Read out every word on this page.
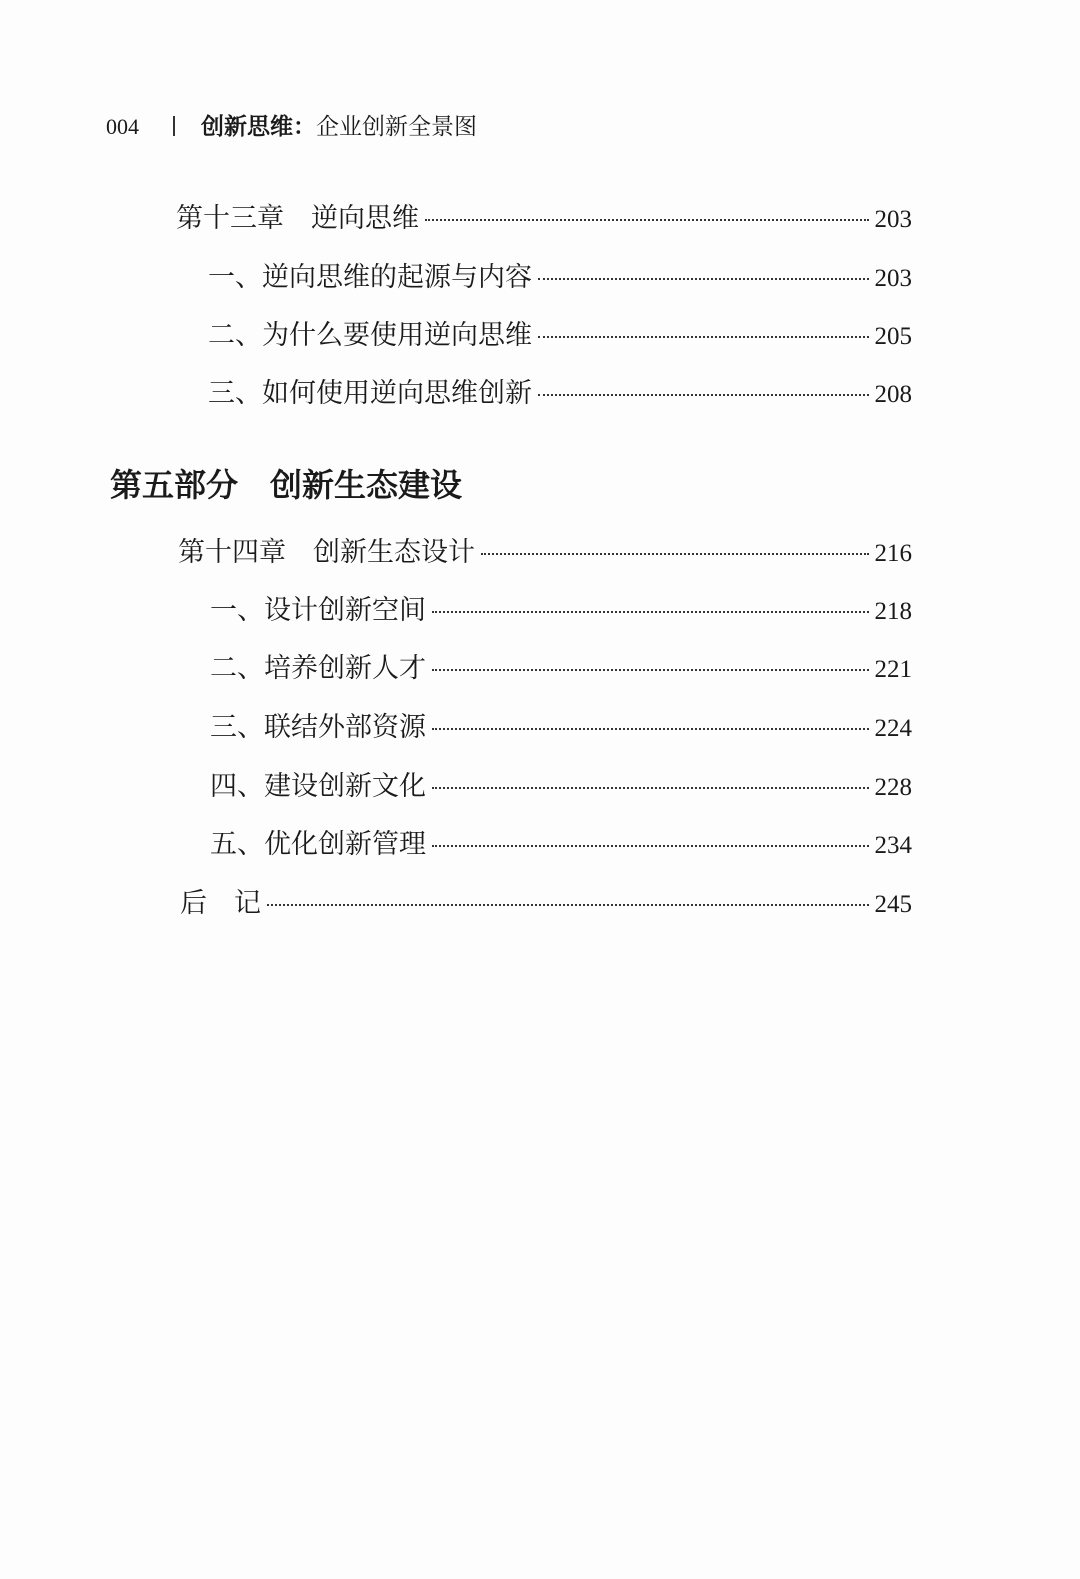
004	创新思维： 企业创新全景图
第十三章　逆向思维	203
一、逆向思维的起源与内容	203
二、为什么要使用逆向思维	205
三、如何使用逆向思维创新	208
第五部分　创新生态建设
第十四章　创新生态设计	216
一、设计创新空间	218
二、培养创新人才	221
三、联结外部资源	224
四、建设创新文化	228
五、优化创新管理	234
后　记	245
